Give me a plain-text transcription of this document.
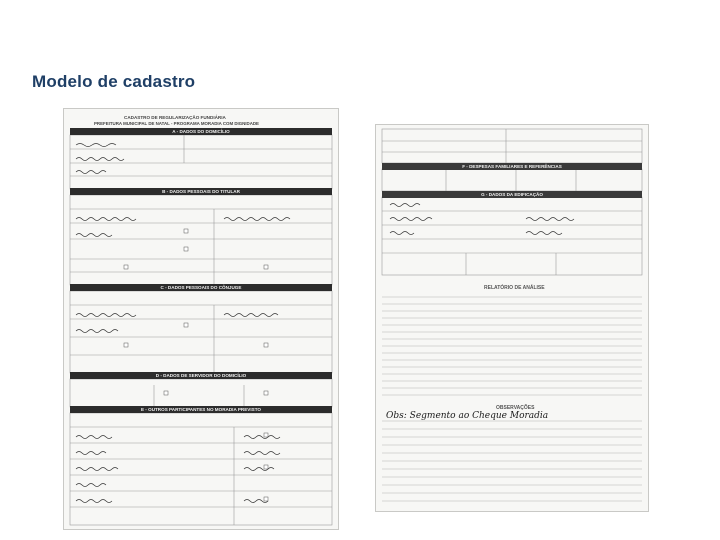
Modelo de cadastro
CADASTRO DE REGULARIZAÇÃO FUNDIÁRIA
PREFEITURA MUNICIPAL DE NATAL - PROGRAMA MORADIA COM DIGNIDADE
A - DADOS DO DOMICÍLIO
B - DADOS PESSOAIS DO TITULAR
C - DADOS PESSOAIS DO CÔNJUGE
D - DADOS DE SERVIDOR DO DOMICÍLIO
E - OUTROS PARTICIPANTES NO MORADIA PREVISTO
F - DESPESAS FAMILIARES E REFERÊNCIAS
G - DADOS DA EDIFICAÇÃO
RELATÓRIO DE ANÁLISE
OBSERVAÇÕES
Obs: Segmento ao Cheque Moradia
